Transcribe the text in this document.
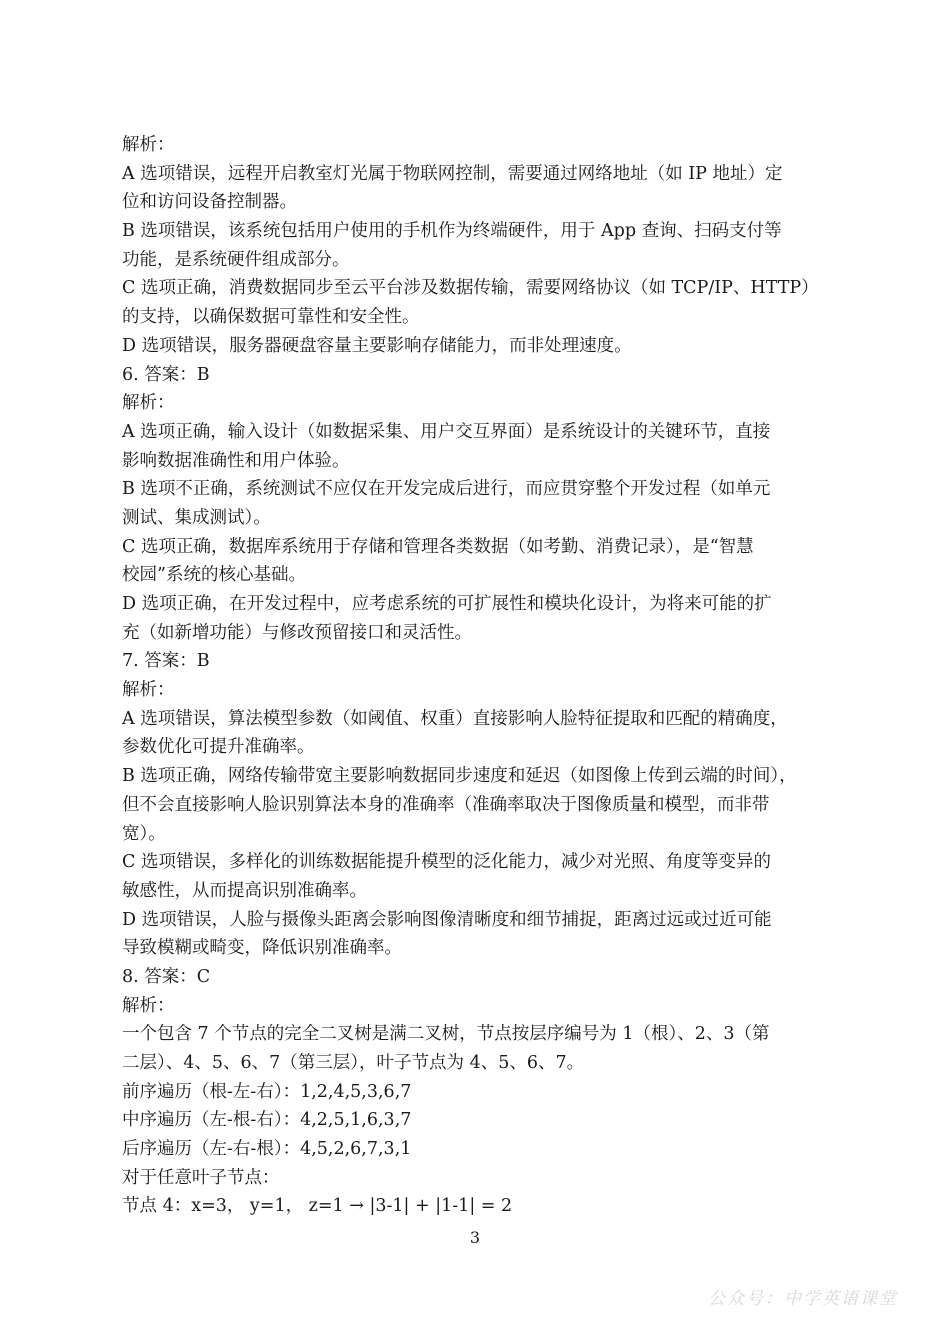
解析：
A 选项错误，远程开启教室灯光属于物联网控制，需要通过网络地址（如 IP 地址）定
位和访问设备控制器。
B 选项错误，该系统包括用户使用的手机作为终端硬件，用于 App 查询、扫码支付等
功能，是系统硬件组成部分。
C 选项正确，消费数据同步至云平台涉及数据传输，需要网络协议（如 TCP/IP、HTTP）
的支持，以确保数据可靠性和安全性。
D 选项错误，服务器硬盘容量主要影响存储能力，而非处理速度。
6. 答案：B
解析：
A 选项正确，输入设计（如数据采集、用户交互界面）是系统设计的关键环节，直接
影响数据准确性和用户体验。
B 选项不正确，系统测试不应仅在开发完成后进行，而应贯穿整个开发过程（如单元
测试、集成测试）。
C 选项正确，数据库系统用于存储和管理各类数据（如考勤、消费记录），是“智慧
校园”系统的核心基础。
D 选项正确，在开发过程中，应考虑系统的可扩展性和模块化设计，为将来可能的扩
充（如新增功能）与修改预留接口和灵活性。
7. 答案：B
解析：
A 选项错误，算法模型参数（如阈值、权重）直接影响人脸特征提取和匹配的精确度，
参数优化可提升准确率。
B 选项正确，网络传输带宽主要影响数据同步速度和延迟（如图像上传到云端的时间），
但不会直接影响人脸识别算法本身的准确率（准确率取决于图像质量和模型，而非带
宽）。
C 选项错误，多样化的训练数据能提升模型的泛化能力，减少对光照、角度等变异的
敏感性，从而提高识别准确率。
D 选项错误，人脸与摄像头距离会影响图像清晰度和细节捕捉，距离过远或过近可能
导致模糊或畸变，降低识别准确率。
8. 答案：C
解析：
一个包含 7 个节点的完全二叉树是满二叉树，节点按层序编号为 1（根）、2、3（第
二层）、4、5、6、7（第三层），叶子节点为 4、5、6、7。
前序遍历（根-左-右）：1,2,4,5,3,6,7
中序遍历（左-根-右）：4,2,5,1,6,3,7
后序遍历（左-右-根）：4,5,2,6,7,3,1
对于任意叶子节点：
节点 4：x=3， y=1， z=1 → |3-1| + |1-1| = 2
3
公众号：中学英语课堂
